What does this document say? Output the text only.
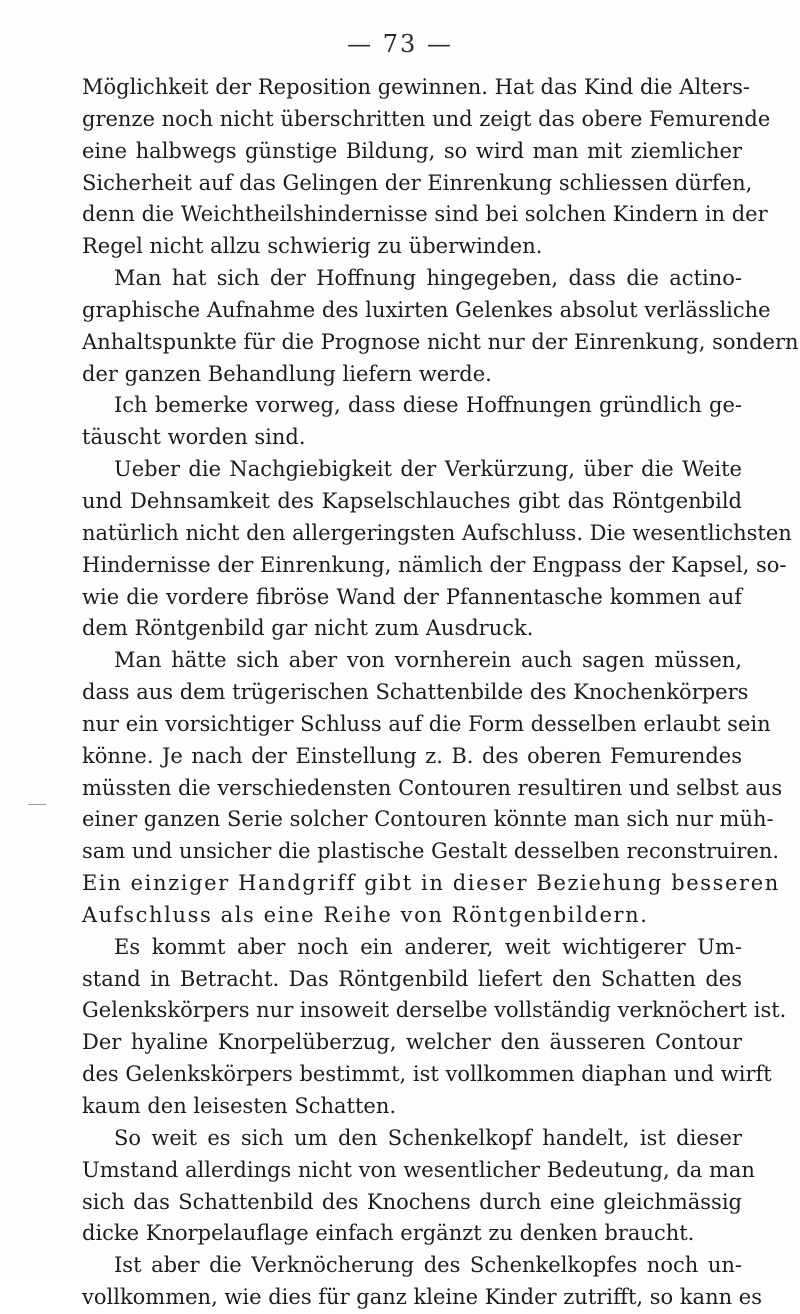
— 73 —
Möglichkeit der Reposition gewinnen. Hat das Kind die Alters-
grenze noch nicht überschritten und zeigt das obere Femurende
eine halbwegs günstige Bildung, so wird man mit ziemlicher
Sicherheit auf das Gelingen der Einrenkung schliessen dürfen,
denn die Weichtheilshindernisse sind bei solchen Kindern in der
Regel nicht allzu schwierig zu überwinden.
Man hat sich der Hoffnung hingegeben, dass die actino-
graphische Aufnahme des luxirten Gelenkes absolut verlässliche
Anhaltspunkte für die Prognose nicht nur der Einrenkung, sondern
der ganzen Behandlung liefern werde.
Ich bemerke vorweg, dass diese Hoffnungen gründlich ge-
täuscht worden sind.
Ueber die Nachgiebigkeit der Verkürzung, über die Weite
und Dehnsamkeit des Kapselschlauches gibt das Röntgenbild
natürlich nicht den allergeringsten Aufschluss. Die wesentlichsten
Hindernisse der Einrenkung, nämlich der Engpass der Kapsel, so-
wie die vordere fibröse Wand der Pfannentasche kommen auf
dem Röntgenbild gar nicht zum Ausdruck.
Man hätte sich aber von vornherein auch sagen müssen,
dass aus dem trügerischen Schattenbilde des Knochenkörpers
nur ein vorsichtiger Schluss auf die Form desselben erlaubt sein
könne. Je nach der Einstellung z. B. des oberen Femurendes
müssten die verschiedensten Contouren resultiren und selbst aus
einer ganzen Serie solcher Contouren könnte man sich nur müh-
sam und unsicher die plastische Gestalt desselben reconstruiren.
Ein einziger Handgriff gibt in dieser Beziehung besseren
Aufschluss als eine Reihe von Röntgenbildern.
Es kommt aber noch ein anderer, weit wichtigerer Um-
stand in Betracht. Das Röntgenbild liefert den Schatten des
Gelenkskörpers nur insoweit derselbe vollständig verknöchert ist.
Der hyaline Knorpelüberzug, welcher den äusseren Contour
des Gelenkskörpers bestimmt, ist vollkommen diaphan und wirft
kaum den leisesten Schatten.
So weit es sich um den Schenkelkopf handelt, ist dieser
Umstand allerdings nicht von wesentlicher Bedeutung, da man
sich das Schattenbild des Knochens durch eine gleichmässig
dicke Knorpelauflage einfach ergänzt zu denken braucht.
Ist aber die Verknöcherung des Schenkelkopfes noch un-
vollkommen, wie dies für ganz kleine Kinder zutrifft, so kann es
